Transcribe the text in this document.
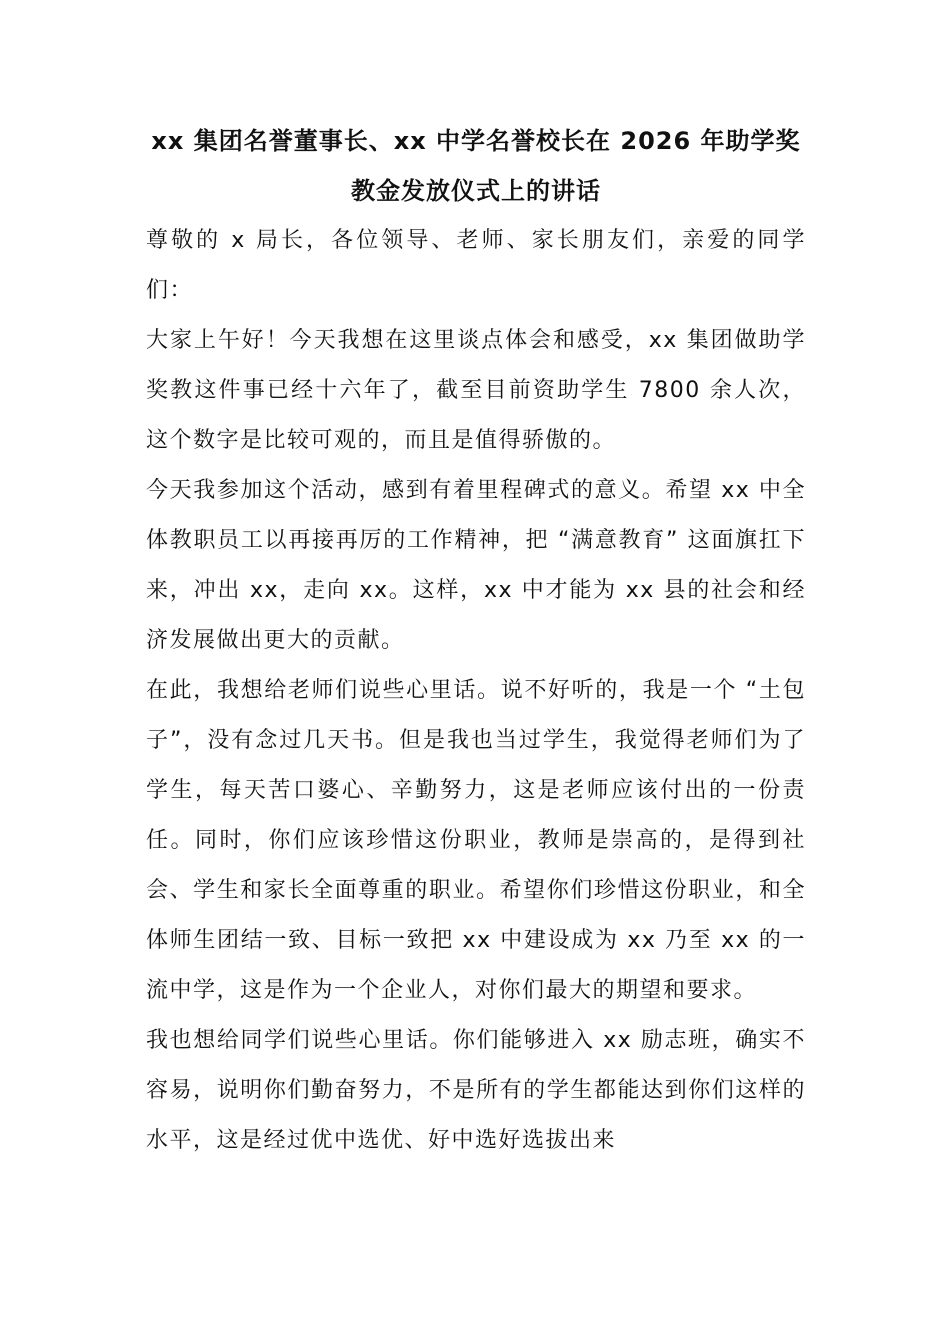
xx 集团名誉董事长、xx 中学名誉校长在 2026 年助学奖教金发放仪式上的讲话

尊敬的 x 局长，各位领导、老师、家长朋友们，亲爱的同学们：

大家上午好！今天我想在这里谈点体会和感受，xx 集团做助学奖教这件事已经十六年了，截至目前资助学生 7800 余人次，这个数字是比较可观的，而且是值得骄傲的。

今天我参加这个活动，感到有着里程碑式的意义。希望 xx 中全体教职员工以再接再厉的工作精神，把 “满意教育” 这面旗扛下来，冲出 xx，走向 xx。这样，xx 中才能为 xx 县的社会和经济发展做出更大的贡献。

在此，我想给老师们说些心里话。说不好听的，我是一个 “土包子”，没有念过几天书。但是我也当过学生，我觉得老师们为了学生，每天苦口婆心、辛勤努力，这是老师应该付出的一份责任。同时，你们应该珍惜这份职业，教师是崇高的，是得到社会、学生和家长全面尊重的职业。希望你们珍惜这份职业，和全体师生团结一致、目标一致把 xx 中建设成为 xx 乃至 xx 的一流中学，这是作为一个企业人，对你们最大的期望和要求。

我也想给同学们说些心里话。你们能够进入 xx 励志班，确实不容易，说明你们勤奋努力，不是所有的学生都能达到你们这样的水平，这是经过优中选优、好中选好选拔出来
